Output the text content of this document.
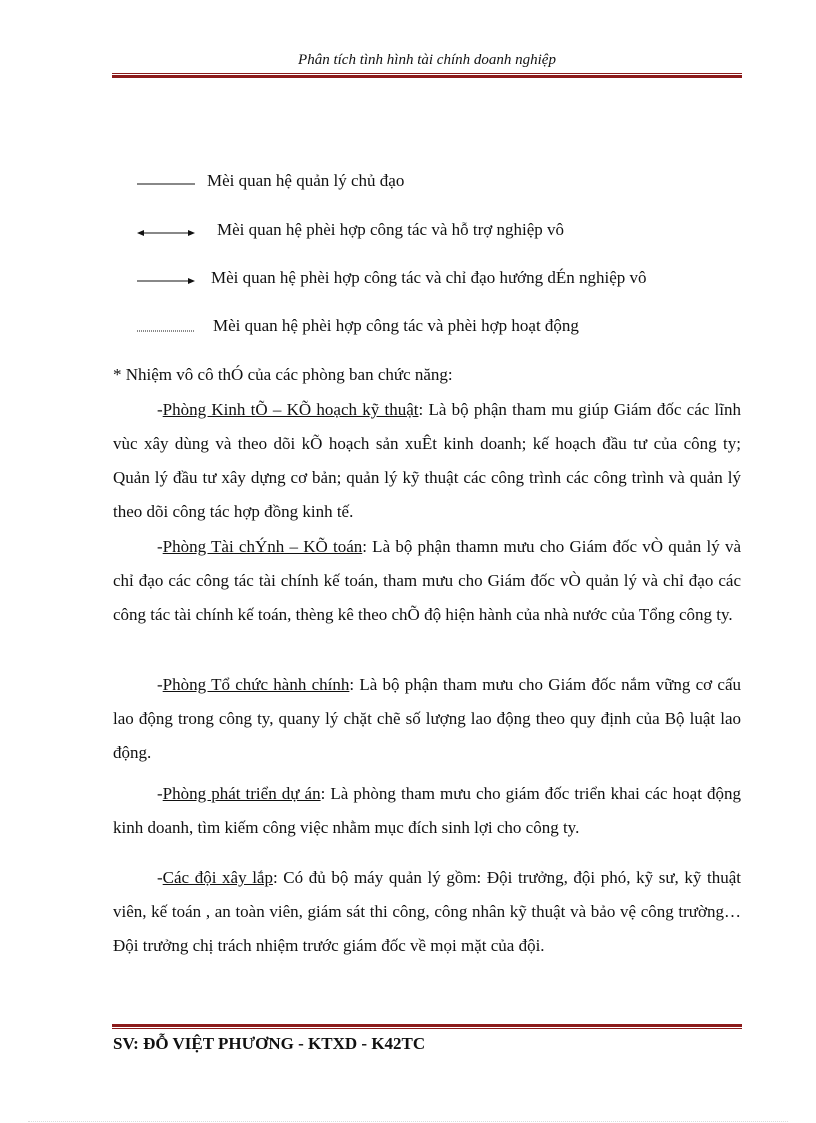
Phân tích tình hình tài chính doanh nghiệp
Mèi quan hệ quản lý chủ đạo
Mèi quan hệ phèi hợp công tác và hỗ trợ nghiệp vô
Mèi quan hệ phèi hợp công tác và chỉ đạo hướng dÉn nghiệp vô
Mèi quan hệ phèi hợp công tác và phèi hợp hoạt động

* Nhiệm vô cô thÓ của các phòng ban chức năng:

-Phòng Kinh tÕ – KÕ hoạch kỹ thuật: Là bộ phận tham mu giúp Giám đốc các lĩnh vùc xây dùng và theo dõi kÕ hoạch sản xuÊt kinh doanh; kế hoạch đầu tư của công ty; Quản lý đầu tư xây dựng cơ bản; quản lý kỹ thuật các công trình các công trình và quản lý theo dõi công tác hợp đồng kinh tế.

-Phòng Tài chÝnh – KÕ toán: Là bộ phận thamn mưu cho Giám đốc vÒ quản lý và chỉ đạo các công tác tài chính kế toán, tham mưu cho Giám đốc vÒ quản lý và chỉ đạo các công tác tài chính kế toán, thèng kê theo chÕ độ hiện hành của nhà nước của Tổng công ty.

-Phòng Tổ chức hành chính: Là bộ phận tham mưu cho Giám đốc nắm vững cơ cấu lao động trong công ty, quany lý chặt chẽ số lượng lao động theo quy định của Bộ luật lao động.

-Phòng phát triển dự án: Là phòng tham mưu cho giám đốc triển khai các hoạt động kinh doanh, tìm kiếm công việc nhằm mục đích sinh lợi cho công ty.

-Các đội xây lắp: Có đủ bộ máy quản lý gồm: Đội trưởng, đội phó, kỹ sư, kỹ thuật viên, kế toán , an toàn viên, giám sát thi công, công nhân kỹ thuật và bảo vệ công trường…Đội trưởng chị trách nhiệm trước giám đốc về mọi mặt của đội.

SV: ĐỖ VIỆT PHƯƠNG - KTXD - K42TC
